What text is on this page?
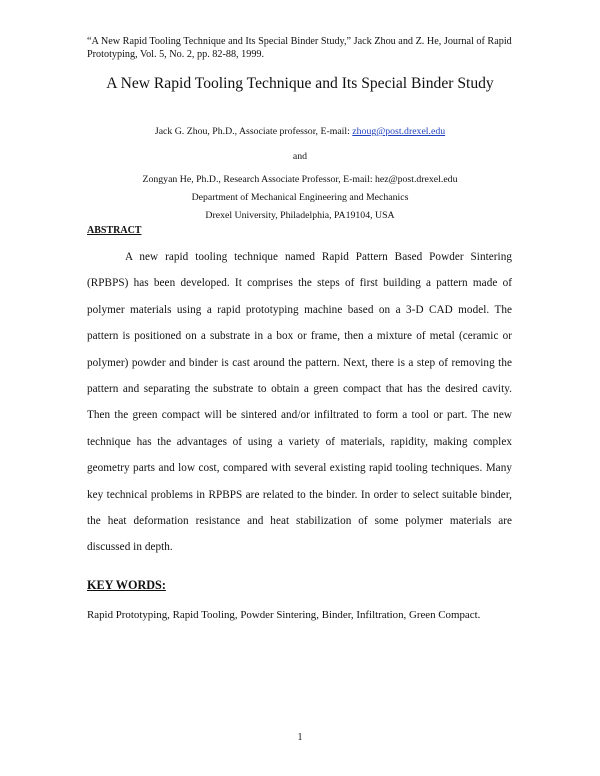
“A New Rapid Tooling Technique and Its Special Binder Study,” Jack Zhou and Z. He, Journal of Rapid Prototyping, Vol. 5, No. 2, pp. 82-88, 1999.
A New Rapid Tooling Technique and Its Special Binder Study
Jack G. Zhou, Ph.D., Associate professor, E-mail: zhoug@post.drexel.edu
and
Zongyan He, Ph.D., Research Associate Professor, E-mail: hez@post.drexel.edu
Department of Mechanical Engineering and Mechanics
Drexel University, Philadelphia, PA19104, USA
ABSTRACT
A new rapid tooling technique named Rapid Pattern Based Powder Sintering (RPBPS) has been developed. It comprises the steps of first building a pattern made of polymer materials using a rapid prototyping machine based on a 3-D CAD model. The pattern is positioned on a substrate in a box or frame, then a mixture of metal (ceramic or polymer) powder and binder is cast around the pattern. Next, there is a step of removing the pattern and separating the substrate to obtain a green compact that has the desired cavity. Then the green compact will be sintered and/or infiltrated to form a tool or part. The new technique has the advantages of using a variety of materials, rapidity, making complex geometry parts and low cost, compared with several existing rapid tooling techniques. Many key technical problems in RPBPS are related to the binder. In order to select suitable binder, the heat deformation resistance and heat stabilization of some polymer materials are discussed in depth.
KEY WORDS:
Rapid Prototyping, Rapid Tooling, Powder Sintering, Binder, Infiltration, Green Compact.
1
